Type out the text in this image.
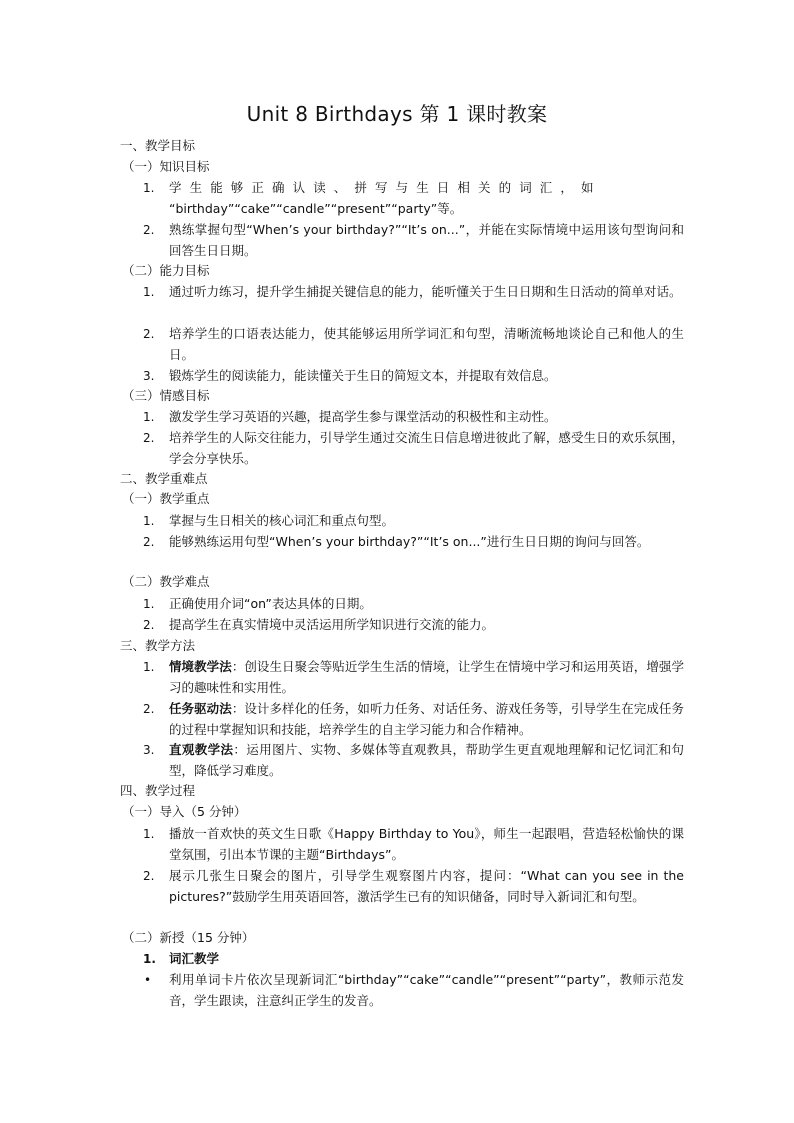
Unit 8 Birthdays 第 1 课时教案
一、教学目标
（一）知识目标
1. 学生能够正确认读、拼写与生日相关的词汇，如
“birthday”“cake”“candle”“present”“party”等。
2. 熟练掌握句型“When’s your birthday?”“It’s on...”，并能在实际情境中运用该句型询问和回答生日日期。
（二）能力目标
1. 通过听力练习，提升学生捕捉关键信息的能力，能听懂关于生日日期和生日活动的简单对话。
2. 培养学生的口语表达能力，使其能够运用所学词汇和句型，清晰流畅地谈论自己和他人的生日。
3. 锻炼学生的阅读能力，能读懂关于生日的简短文本，并提取有效信息。
（三）情感目标
1. 激发学生学习英语的兴趣，提高学生参与课堂活动的积极性和主动性。
2. 培养学生的人际交往能力，引导学生通过交流生日信息增进彼此了解，感受生日的欢乐氛围，学会分享快乐。
二、教学重难点
（一）教学重点
1. 掌握与生日相关的核心词汇和重点句型。
2. 能够熟练运用句型“When’s your birthday?”“It’s on...”进行生日日期的询问与回答。
（二）教学难点
1. 正确使用介词“on”表达具体的日期。
2. 提高学生在真实情境中灵活运用所学知识进行交流的能力。
三、教学方法
1. 情境教学法：创设生日聚会等贴近学生生活的情境，让学生在情境中学习和运用英语，增强学习的趣味性和实用性。
2. 任务驱动法：设计多样化的任务，如听力任务、对话任务、游戏任务等，引导学生在完成任务的过程中掌握知识和技能，培养学生的自主学习能力和合作精神。
3. 直观教学法：运用图片、实物、多媒体等直观教具，帮助学生更直观地理解和记忆词汇和句型，降低学习难度。
四、教学过程
（一）导入（5 分钟）
1. 播放一首欢快的英文生日歌《Happy Birthday to You》，师生一起跟唱，营造轻松愉快的课堂氛围，引出本节课的主题“Birthdays”。
2. 展示几张生日聚会的图片，引导学生观察图片内容，提问：“What can you see in the pictures?”鼓励学生用英语回答，激活学生已有的知识储备，同时导入新词汇和句型。
（二）新授（15 分钟）
1. 词汇教学
• 利用单词卡片依次呈现新词汇“birthday”“cake”“candle”“present”“party”，教师示范发音，学生跟读，注意纠正学生的发音。
